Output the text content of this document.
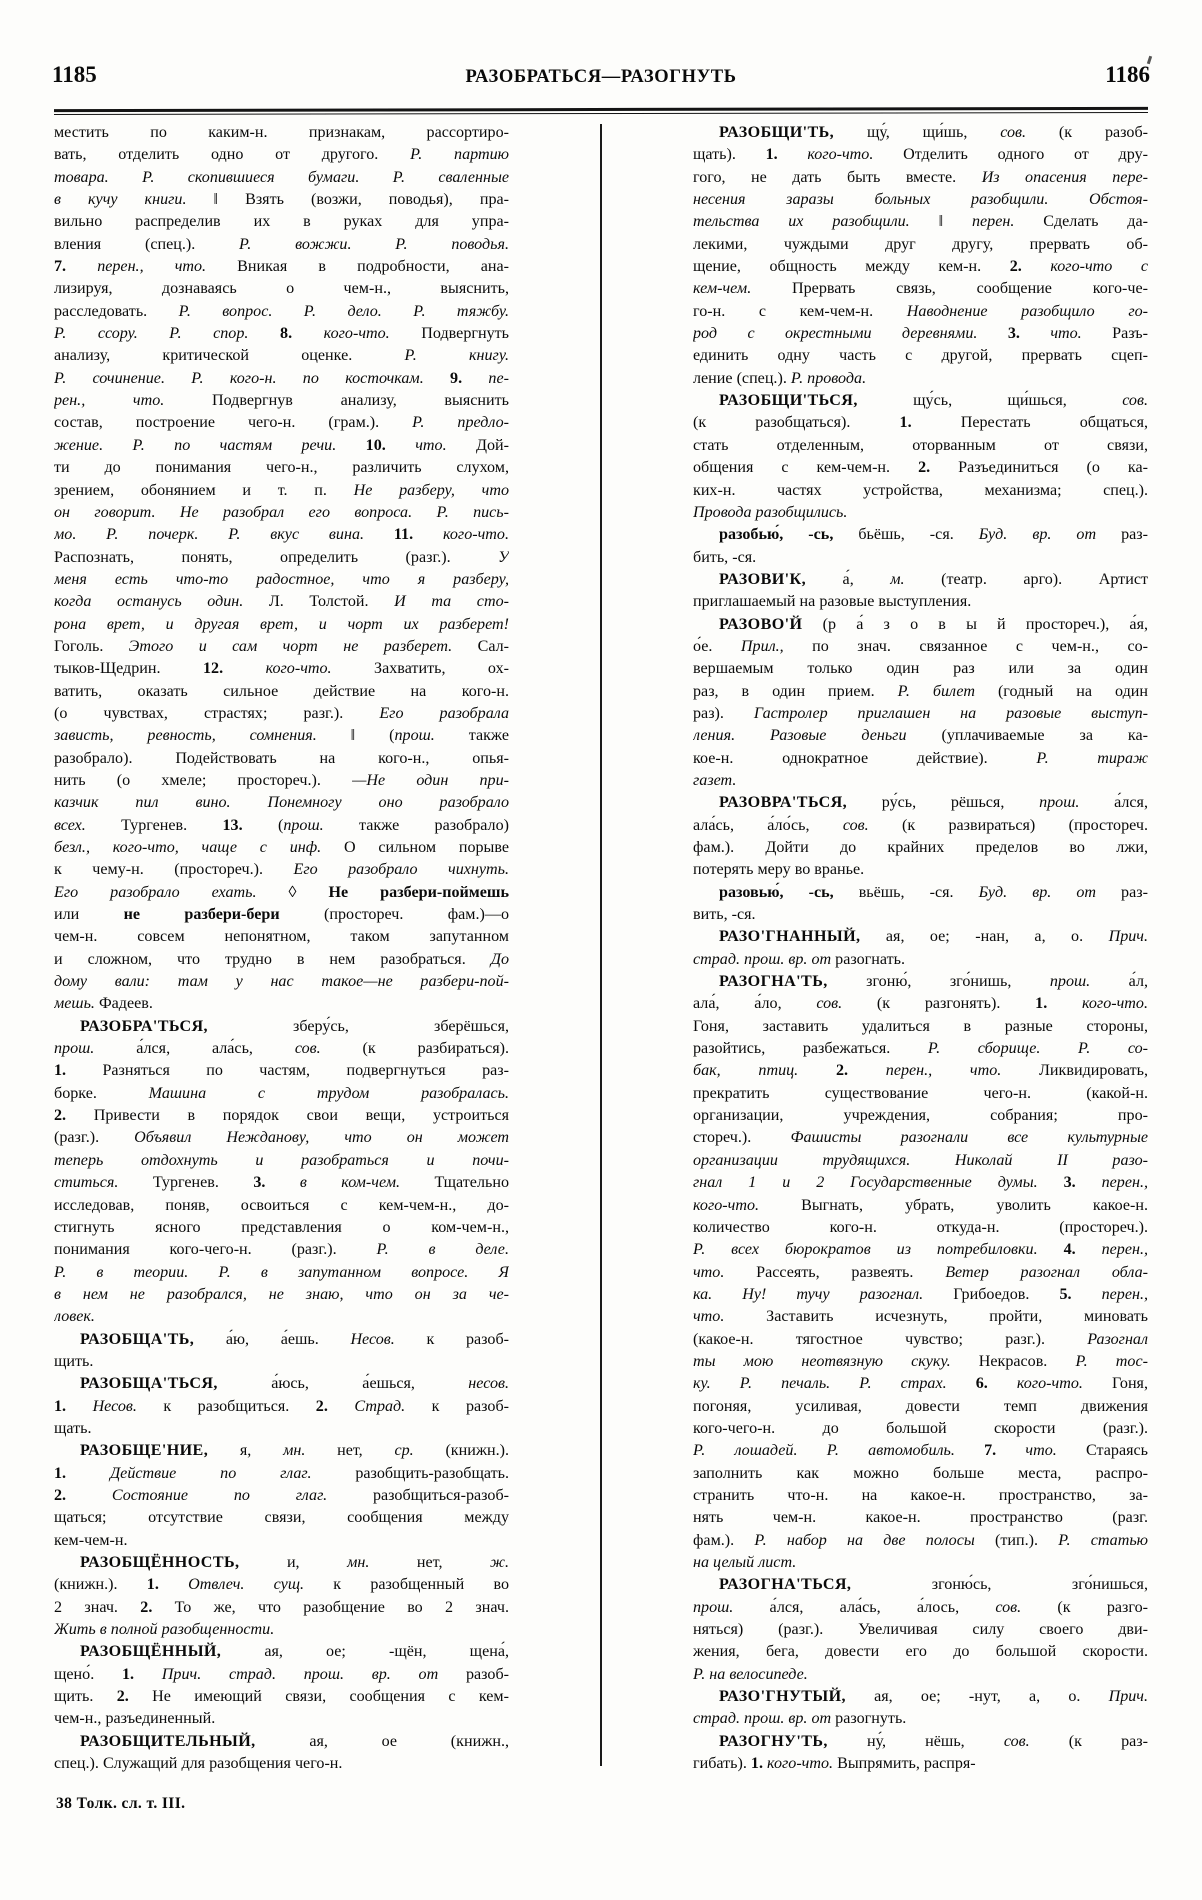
1185	РАЗОБРАТЬСЯ—РАЗОГНУТЬ	1186
местить по каким-н. признакам, рассортиро-
вать, отделить одно от другого. Р. партию
товара. Р. скопившиеся бумаги. Р. сваленные
в кучу книги. ‖ Взять (возжи, поводья), пра-
вильно распределив их в руках для упра-
вления (спец.). Р. вожжи. Р. поводья.
7. перен., что. Вникая в подробности, ана-
лизируя, дознаваясь о чем-н., выяснить,
расследовать. Р. вопрос. Р. дело. Р. тяжбу.
Р. ссору. Р. спор. 8. кого-что. Подвергнуть
анализу, критической оценке. Р. книгу.
Р. сочинение. Р. кого-н. по косточкам. 9. пе-
рен., что. Подвергнув анализу, выяснить
состав, построение чего-н. (грам.). Р. предло-
жение. Р. по частям речи. 10. что. Дой-
ти до понимания чего-н., различить слухом,
зрением, обонянием и т. п. Не разберу, что
он говорит. Не разобрал его вопроса. Р. пись-
мо. Р. почерк. Р. вкус вина. 11. кого-что.
Распознать, понять, определить (разг.). У
меня есть что-то радостное, что я разберу,
когда останусь один. Л. Толстой. И та сто-
рона врет, и другая врет, и чорт их разберет!
Гоголь. Этого и сам чорт не разберет. Сал-
тыков-Щедрин. 12.	кого-что. Захватить, ох-
ватить, оказать сильное действие на кого-н.
(о чувствах, страстях; разг.). Его разобрала
зависть, ревность, сомнения. ‖ (прош. также
разобрало). Подействовать на кого-н., опья-
нить (о хмеле; простореч.). —Не один при-
казчик пил вино. Понемногу оно разобрало
всех. Тургенев. 13. (прош. также разобрало)
безл., кого-что, чаще с инф. О сильном порыве
к чему-н. (простореч.). Его разобрало чихнуть.
Его разобрало ехать. ◊ Не разбери-поймешь
или не разбери-бери (простореч. фам.)—о
чем-н. совсем непонятном, таком запутанном
и сложном, что трудно в нем разобраться. До
дому вали: там у нас такое—не разбери-пой-
мешь. Фадеев.
РАЗОБРА'ТЬСЯ, зберу́сь, зберёшься,
прош. а́лся, ала́сь, сов. (к разбираться).
1. Разняться по частям, подвергнуться раз-
борке. Машина с трудом разобралась.
2. Привести в порядок свои вещи, устроиться
(разг.). Объявил Нежданову, что он может
теперь отдохнуть и разобраться и почи-
ститься. Тургенев. 3. в ком-чем. Тщательно
исследовав, поняв, освоиться с кем-чем-н., до-
стигнуть ясного представления о ком-чем-н.,
понимания кого-чего-н. (разг.). Р. в деле.
Р. в теории. Р. в запутанном вопросе. Я
в нем не разобрался, не знаю, что он за че-
ловек.
РАЗОБЩА'ТЬ, а́ю, а́ешь. Несов. к разоб-
щить.
РАЗОБЩА'ТЬСЯ, а́юсь, а́ешься, несов.
1. Несов. к разобщиться. 2. Страд. к разоб-
щать.
РАЗОБЩЕ'НИЕ, я, мн. нет, ср. (книжн.).
1.	Действие по глаг. разобщить-разобщать.
2.	Состояние по глаг. разобщиться-разоб-
щаться; отсутствие связи, сообщения между
кем-чем-н.
РАЗОБЩЁННОСТЬ, и, мн. нет, ж.
(книжн.). 1. Отвлеч. сущ. к разобщенный во
2 знач. 2. То же, что разобщение во 2 знач.
Жить в полной разобщенности.
РАЗОБЩЁННЫЙ, ая, ое; -щён, щена́,
щено́. 1. Прич. страд. прош. вр. от разоб-
щить. 2. Не имеющий связи, сообщения с кем-
чем-н., разъединенный.
РАЗОБЩИТЕЛЬНЫЙ, ая, ое (книжн.,
спец.). Служащий для разобщения чего-н.
РАЗОБЩИ'ТЬ, щу́, щи́шь, сов. (к разоб-
щать). 1. кого-что. Отделить одного от дру-
гого, не дать быть вместе. Из опасения пере-
несения заразы больных разобщили. Обстоя-
тельства их разобщили. ‖ перен. Сделать да-
лекими, чуждыми друг другу, прервать об-
щение, общность между кем-н. 2. кого-что с
кем-чем. Прервать связь, сообщение кого-че-
го-н. с кем-чем-н. Наводнение разобщило го-
род с окрестными деревнями. 3. что. Разъ-
единить одну часть с другой, прервать сцеп-
ление (спец.). Р. провода.
РАЗОБЩИ'ТЬСЯ, щу́сь, щи́шься, сов.
(к разобщаться). 1. Перестать общаться,
стать отделенным, оторванным от связи,
общения с кем-чем-н. 2. Разъединиться (о ка-
ких-н. частях устройства, механизма; спец.).
Провода разобщились.
разобью́, -сь, бьёшь, -ся. Буд. вр. от раз-
бить, -ся.
РАЗОВИ'К, а́, м. (театр. арго). Артист
приглашаемый на разовые выступления.
РАЗОВО'Й (р а́ з о в ы й простореч.), а́я,
о́е. Прил., по знач. связанное с чем-н., со-
вершаемым только один раз или за один
раз, в один прием. Р. билет (годный на один
раз). Гастролер приглашен на разовые выступ-
ления. Разовые деньги (уплачиваемые за ка-
кое-н. однократное действие). Р. тираж
газет.
РАЗОВРА'ТЬСЯ, ру́сь, рёшься, прош. а́лся,
ала́сь, а́ло́сь, сов. (к развираться) (простореч.
фам.). Дойти до крайних пределов во лжи,
потерять меру во вранье.
разовью́, -сь, вьёшь, -ся. Буд. вр. от раз-
вить, -ся.
РАЗО'ГНАННЫЙ, ая, ое; -нан, а, о. Прич.
страд. прош. вр. от разогнать.
РАЗОГНА'ТЬ, згоню́, зго́нишь, прош. а́л,
ала́, а́ло, сов. (к разгонять). 1. кого-что.
Гоня, заставить удалиться в разные стороны,
разойтись, разбежаться. Р. сборище. Р. со-
бак, птиц. 2. перен., что. Ликвидировать,
прекратить существование чего-н. (какой-н.
организации, учреждения, собрания; про-
стореч.). Фашисты разогнали все культурные
организации трудящихся. Николай II разо-
гнал 1 и 2 Государственные думы. 3. перен.,
кого-что. Выгнать, убрать, уволить какое-н.
количество кого-н. откуда-н. (простореч.).
Р. всех бюрократов из потребиловки. 4. перен.,
что. Рассеять, развеять. Ветер разогнал обла-
ка. Ну! тучу разогнал. Грибоедов. 5. перен.,
что. Заставить исчезнуть, пройти, миновать
(какое-н. тягостное чувство; разг.). Разогнал
ты мою неотвязную скуку. Некрасов. Р. тос-
ку. Р. печаль. Р. страх. 6. кого-что. Гоня,
погоняя, усиливая, довести темп движения
кого-чего-н. до большой скорости (разг.).
Р. лошадей. Р. автомобиль. 7. что. Стараясь
заполнить как можно больше места, распро-
странить что-н. на какое-н. пространство, за-
нять чем-н. какое-н. пространство (разг.
фам.). Р. набор на две полосы (тип.). Р. статью
на целый лист.
РАЗОГНА'ТЬСЯ, згоню́сь, зго́нишься,
прош. а́лся, ала́сь, а́лось, сов. (к разго-
няться) (разг.). Увеличивая силу своего дви-
жения, бега, довести его до большой скорости.
Р. на велосипеде.
РАЗО'ГНУТЫЙ, ая, ое; -нут, а, о. Прич.
страд. прош. вр. от разогнуть.
РАЗОГНУ'ТЬ, ну́, нёшь, сов. (к раз-
гибать). 1. кого-что. Выпрямить, распря-
38 Толк. сл. т. III.
